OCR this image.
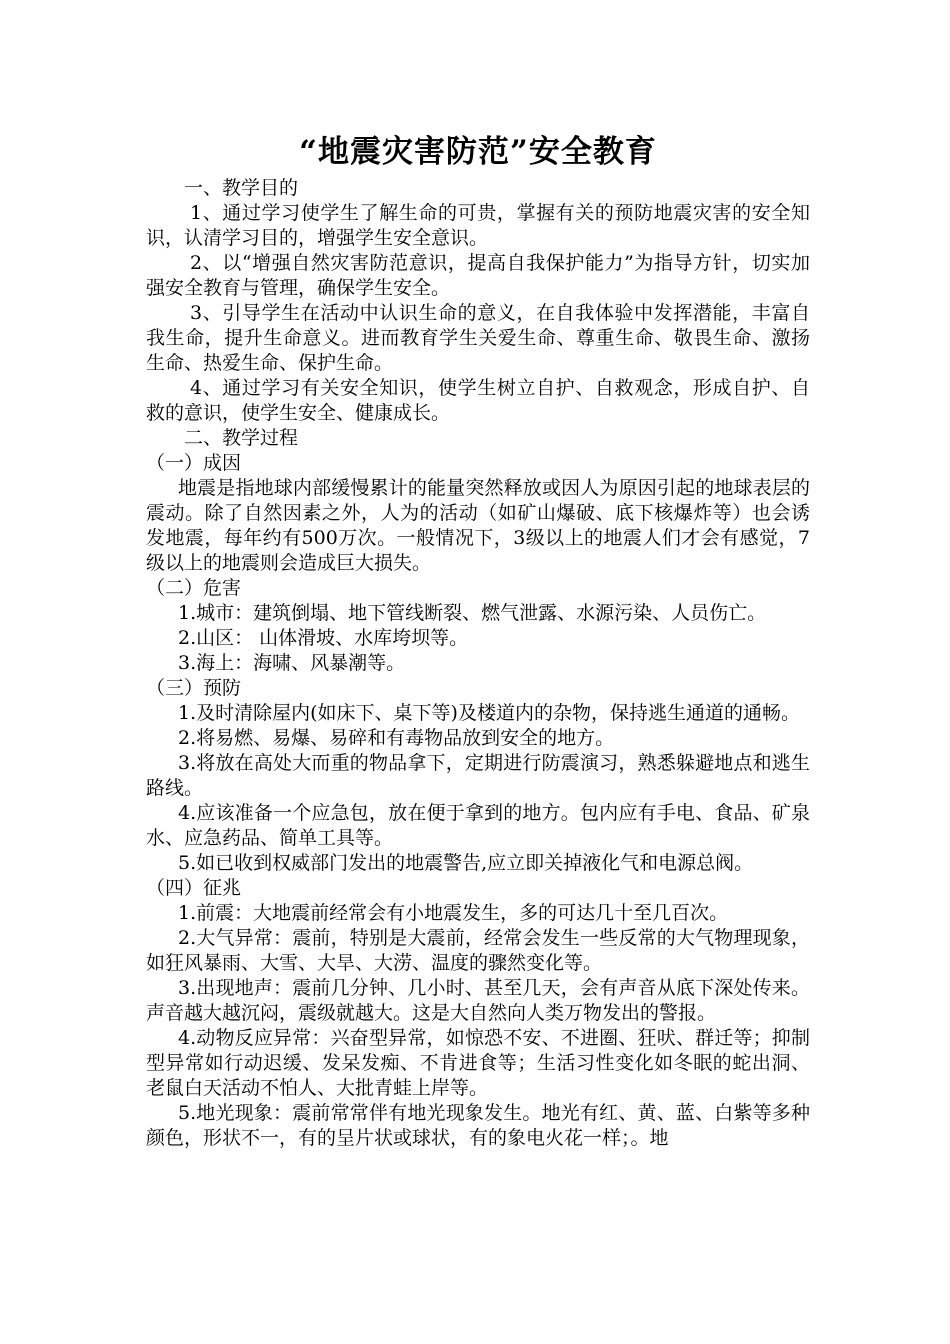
“地震灾害防范”安全教育

一、教学目的

1、通过学习使学生了解生命的可贵，掌握有关的预防地震灾害的安全知识，认清学习目的，增强学生安全意识。

2、以“增强自然灾害防范意识，提高自我保护能力”为指导方针，切实加强安全教育与管理，确保学生安全。

3、引导学生在活动中认识生命的意义，在自我体验中发挥潜能，丰富自我生命，提升生命意义。进而教育学生关爱生命、尊重生命、敬畏生命、激扬生命、热爱生命、保护生命。

4、通过学习有关安全知识，使学生树立自护、自救观念，形成自护、自救的意识，使学生安全、健康成长。

二、教学过程

（一）成因

地震是指地球内部缓慢累计的能量突然释放或因人为原因引起的地球表层的震动。除了自然因素之外，人为的活动（如矿山爆破、底下核爆炸等）也会诱发地震，每年约有500万次。一般情况下，3级以上的地震人们才会有感觉，7级以上的地震则会造成巨大损失。

（二）危害

1.城市：建筑倒塌、地下管线断裂、燃气泄露、水源污染、人员伤亡。

2.山区： 山体滑坡、水库垮坝等。

3.海上：海啸、风暴潮等。

（三）预防

1.及时清除屋内(如床下、桌下等)及楼道内的杂物，保持逃生通道的通畅。

2.将易燃、易爆、易碎和有毒物品放到安全的地方。

3.将放在高处大而重的物品拿下，定期进行防震演习，熟悉躲避地点和逃生路线。

4.应该准备一个应急包，放在便于拿到的地方。包内应有手电、食品、矿泉水、应急药品、简单工具等。

5.如已收到权威部门发出的地震警告,应立即关掉液化气和电源总阀。

（四）征兆

1.前震：大地震前经常会有小地震发生，多的可达几十至几百次。

2.大气异常：震前，特别是大震前，经常会发生一些反常的大气物理现象，如狂风暴雨、大雪、大旱、大涝、温度的骤然变化等。

3.出现地声：震前几分钟、几小时、甚至几天，会有声音从底下深处传来。声音越大越沉闷，震级就越大。这是大自然向人类万物发出的警报。

4.动物反应异常：兴奋型异常，如惊恐不安、不进圈、狂吠、群迁等；抑制型异常如行动迟缓、发呆发痴、不肯进食等；生活习性变化如冬眠的蛇出洞、老鼠白天活动不怕人、大批青蛙上岸等。

5.地光现象：震前常常伴有地光现象发生。地光有红、黄、蓝、白紫等多种颜色，形状不一，有的呈片状或球状，有的象电火花一样；。地
